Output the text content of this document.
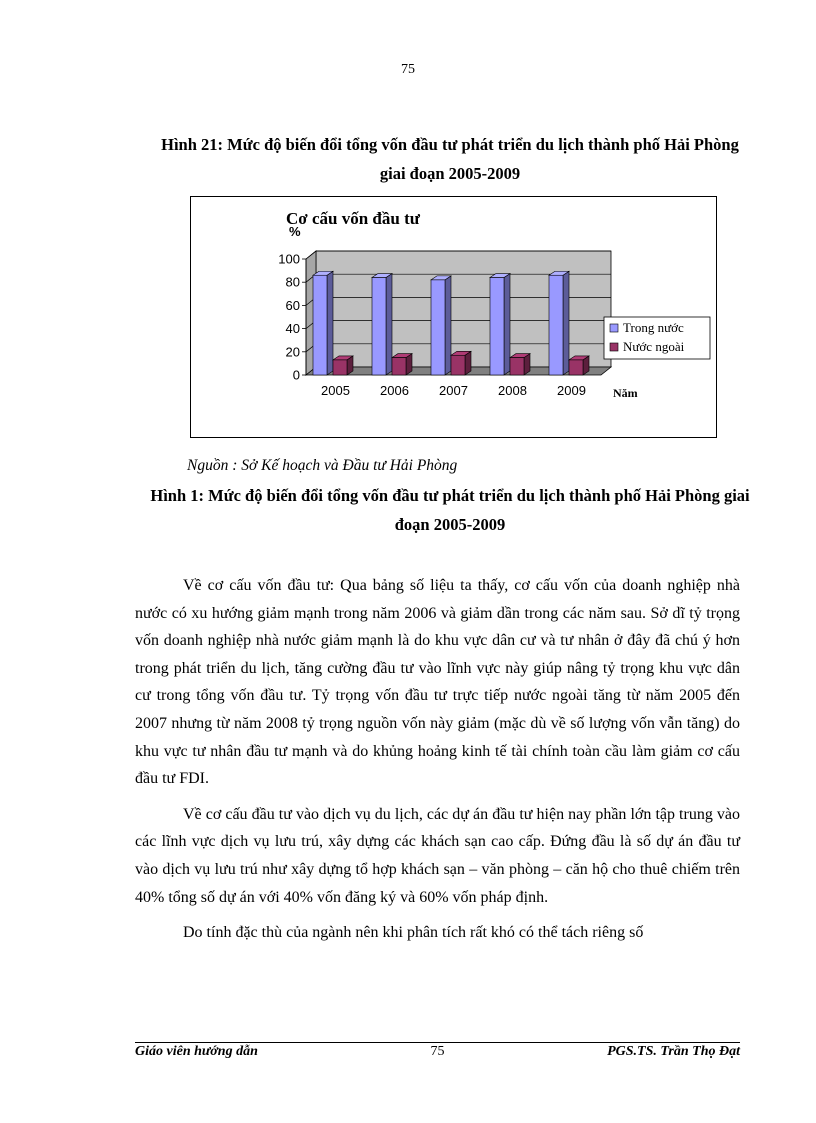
75
Hình 21: Mức độ biến đổi tổng vốn đầu tư phát triển du lịch thành phố Hải Phòng giai đoạn 2005-2009
Cơ cấu vốn đầu tư
%
Năm
0
20
40
60
80
100
2005 2006 2007 2008 2009
Trong nước
Nước ngoài
Nguồn : Sở Kế hoạch và Đầu tư Hải Phòng
Hình 1: Mức độ biến đổi tổng vốn đầu tư phát triển du lịch thành phố Hải Phòng giai đoạn 2005-2009

Về cơ cấu vốn đầu tư: Qua bảng số liệu ta thấy, cơ cấu vốn của doanh nghiệp nhà nước có xu hướng giảm mạnh trong năm 2006 và giảm dần trong các năm sau. Sở dĩ tỷ trọng vốn doanh nghiệp nhà nước giảm mạnh là do khu vực dân cư và tư nhân ở đây đã chú ý hơn trong phát triển du lịch, tăng cường đầu tư vào lĩnh vực này giúp nâng tỷ trọng khu vực dân cư trong tổng vốn đầu tư. Tỷ trọng vốn đầu tư trực tiếp nước ngoài tăng từ năm 2005 đến 2007 nhưng từ năm 2008 tỷ trọng nguồn vốn này giảm (mặc dù về số lượng vốn vẫn tăng) do khu vực tư nhân đầu tư mạnh và do khủng hoảng kinh tế tài chính toàn cầu làm giảm cơ cấu đầu tư FDI.

Về cơ cấu đầu tư vào dịch vụ du lịch, các dự án đầu tư hiện nay phần lớn tập trung vào các lĩnh vực dịch vụ lưu trú, xây dựng các khách sạn cao cấp. Đứng đầu là số dự án đầu tư vào dịch vụ lưu trú như xây dựng tổ hợp khách sạn – văn phòng – căn hộ cho thuê chiếm trên 40% tổng số dự án với 40% vốn đăng ký và 60% vốn pháp định.

Do tính đặc thù của ngành nên khi phân tích rất khó có thể tách riêng số

Giáo viên hướng dẫn	75	PGS.TS. Trần Thọ Đạt
